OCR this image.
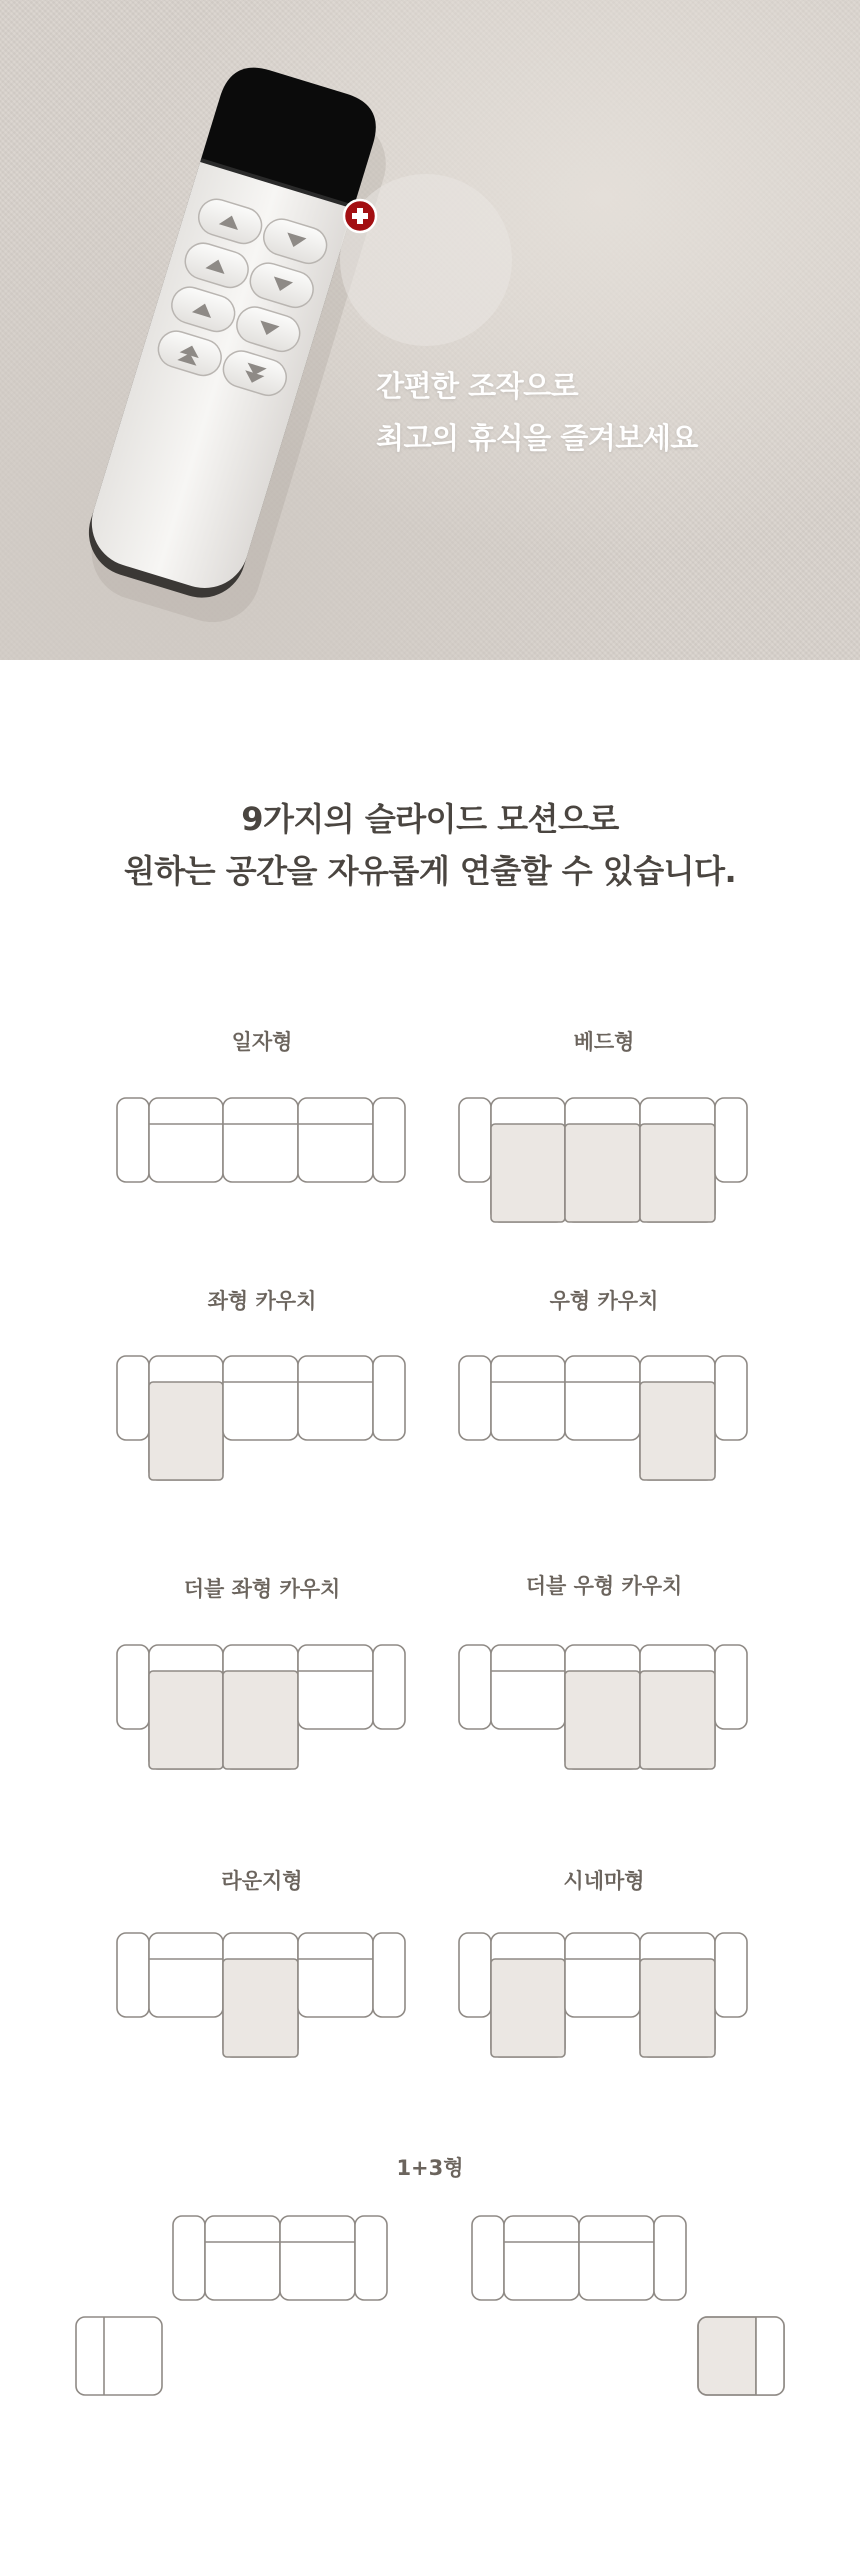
간편한 조작으로
최고의 휴식을 즐겨보세요
9가지의 슬라이드 모션으로
원하는 공간을 자유롭게 연출할 수 있습니다.
일자형	베드형
좌형 카우치	우형 카우치
더블 좌형 카우치	더블 우형 카우치
라운지형	시네마형
1+3형
